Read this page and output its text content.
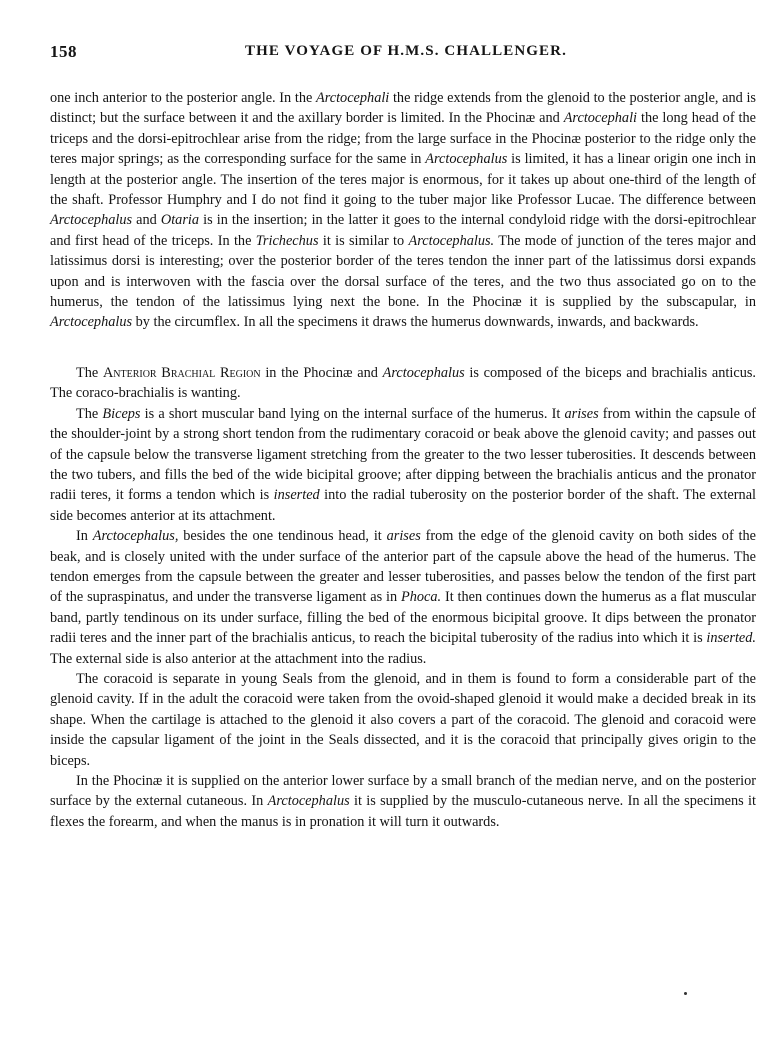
158	THE VOYAGE OF H.M.S. CHALLENGER.

one inch anterior to the posterior angle. In the Arctocephali the ridge extends from the glenoid to the posterior angle, and is distinct; but the surface between it and the axillary border is limited. In the Phocinæ and Arctocephali the long head of the triceps and the dorsi-epitrochlear arise from the ridge; from the large surface in the Phocinæ posterior to the ridge only the teres major springs; as the corresponding surface for the same in Arctocephalus is limited, it has a linear origin one inch in length at the posterior angle. The insertion of the teres major is enormous, for it takes up about one-third of the length of the shaft. Professor Humphry and I do not find it going to the tuber major like Professor Lucae. The difference between Arctocephalus and Otaria is in the insertion; in the latter it goes to the internal condyloid ridge with the dorsi-epitrochlear and first head of the triceps. In the Trichechus it is similar to Arctocephalus. The mode of junction of the teres major and latissimus dorsi is interesting; over the posterior border of the teres tendon the inner part of the latissimus dorsi expands upon and is interwoven with the fascia over the dorsal surface of the teres, and the two thus associated go on to the humerus, the tendon of the latissimus lying next the bone. In the Phocinæ it is supplied by the subscapular, in Arctocephalus by the circumflex. In all the specimens it draws the humerus downwards, inwards, and backwards.

The Anterior Brachial Region in the Phocinæ and Arctocephalus is composed of the biceps and brachialis anticus. The coraco-brachialis is wanting.

The Biceps is a short muscular band lying on the internal surface of the humerus. It arises from within the capsule of the shoulder-joint by a strong short tendon from the rudimentary coracoid or beak above the glenoid cavity; and passes out of the capsule below the transverse ligament stretching from the greater to the two lesser tuberosities. It descends between the two tubers, and fills the bed of the wide bicipital groove; after dipping between the brachialis anticus and the pronator radii teres, it forms a tendon which is inserted into the radial tuberosity on the posterior border of the shaft. The external side becomes anterior at its attachment.

In Arctocephalus, besides the one tendinous head, it arises from the edge of the glenoid cavity on both sides of the beak, and is closely united with the under surface of the anterior part of the capsule above the head of the humerus. The tendon emerges from the capsule between the greater and lesser tuberosities, and passes below the tendon of the first part of the supraspinatus, and under the transverse ligament as in Phoca. It then continues down the humerus as a flat muscular band, partly tendinous on its under surface, filling the bed of the enormous bicipital groove. It dips between the pronator radii teres and the inner part of the brachialis anticus, to reach the bicipital tuberosity of the radius into which it is inserted. The external side is also anterior at the attachment into the radius.

The coracoid is separate in young Seals from the glenoid, and in them is found to form a considerable part of the glenoid cavity. If in the adult the coracoid were taken from the ovoid-shaped glenoid it would make a decided break in its shape. When the cartilage is attached to the glenoid it also covers a part of the coracoid. The glenoid and coracoid were inside the capsular ligament of the joint in the Seals dissected, and it is the coracoid that principally gives origin to the biceps.

In the Phocinæ it is supplied on the anterior lower surface by a small branch of the median nerve, and on the posterior surface by the external cutaneous. In Arctocephalus it is supplied by the musculo-cutaneous nerve. In all the specimens it flexes the forearm, and when the manus is in pronation it will turn it outwards.
